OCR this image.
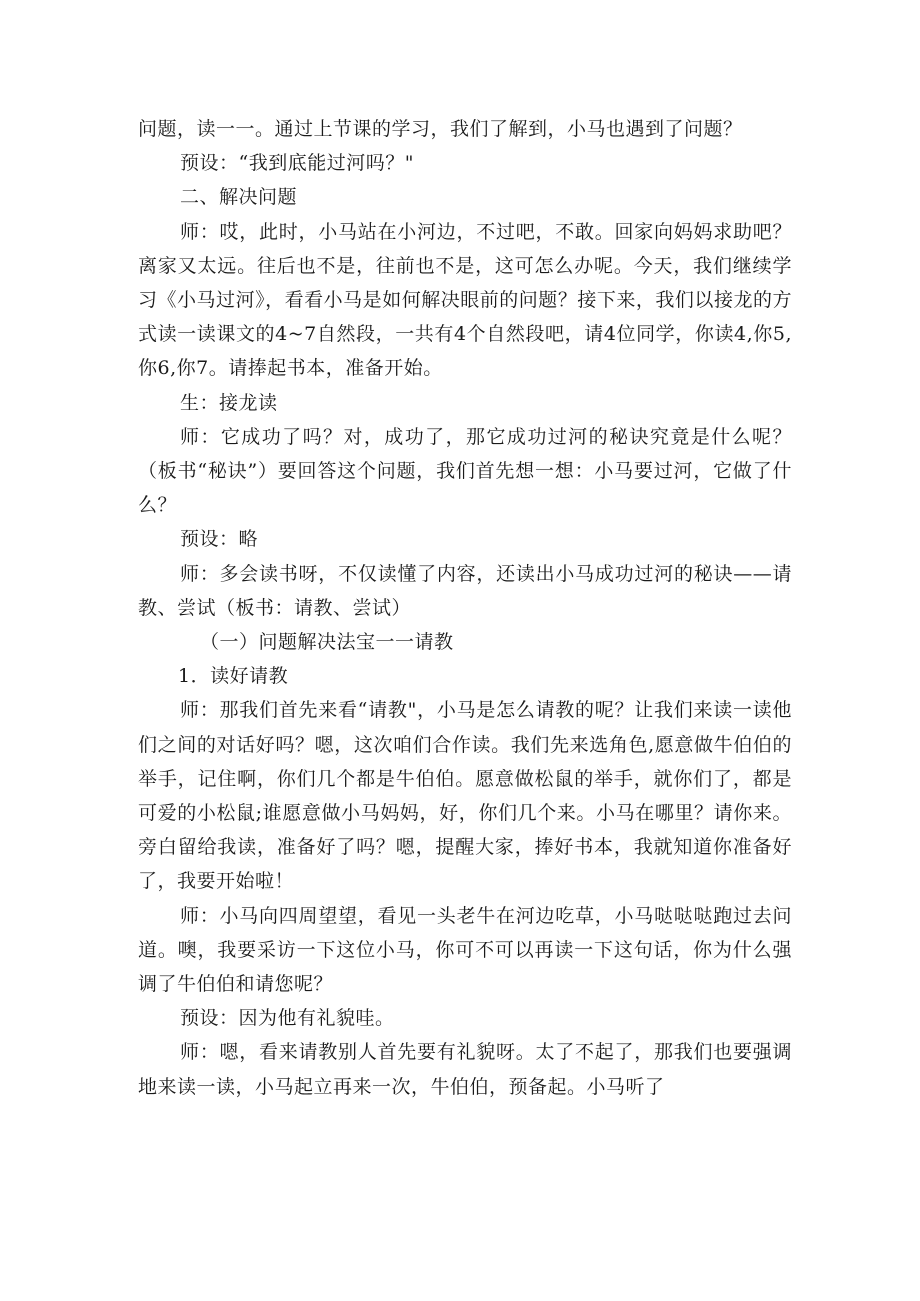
问题，读一一。通过上节课的学习，我们了解到，小马也遇到了问题？

预设：“我到底能过河吗？"

二、解决问题

师：哎，此时，小马站在小河边，不过吧，不敢。回家向妈妈求助吧？离家又太远。往后也不是，往前也不是，这可怎么办呢。今天，我们继续学习《小马过河》，看看小马是如何解决眼前的问题？接下来，我们以接龙的方式读一读课文的4~7自然段，一共有4个自然段吧，请4位同学，你读4,你5,你6,你7。请捧起书本，准备开始。

生：接龙读

师：它成功了吗？对，成功了，那它成功过河的秘诀究竟是什么呢？（板书“秘诀”）要回答这个问题，我们首先想一想：小马要过河，它做了什么？

预设：略

师：多会读书呀，不仅读懂了内容，还读出小马成功过河的秘诀——请教、尝试（板书：请教、尝试）

（一）问题解决法宝一一请教

1．读好请教

师：那我们首先来看“请教"，小马是怎么请教的呢？让我们来读一读他们之间的对话好吗？嗯，这次咱们合作读。我们先来选角色,愿意做牛伯伯的举手，记住啊，你们几个都是牛伯伯。愿意做松鼠的举手，就你们了，都是可爱的小松鼠;谁愿意做小马妈妈，好，你们几个来。小马在哪里？请你来。旁白留给我读，准备好了吗？嗯，提醒大家，捧好书本，我就知道你准备好了，我要开始啦！

师：小马向四周望望，看见一头老牛在河边吃草，小马哒哒哒跑过去问道。噢，我要采访一下这位小马，你可不可以再读一下这句话，你为什么强调了牛伯伯和请您呢？

预设：因为他有礼貌哇。

师：嗯，看来请教别人首先要有礼貌呀。太了不起了，那我们也要强调地来读一读，小马起立再来一次，牛伯伯，预备起。小马听了
